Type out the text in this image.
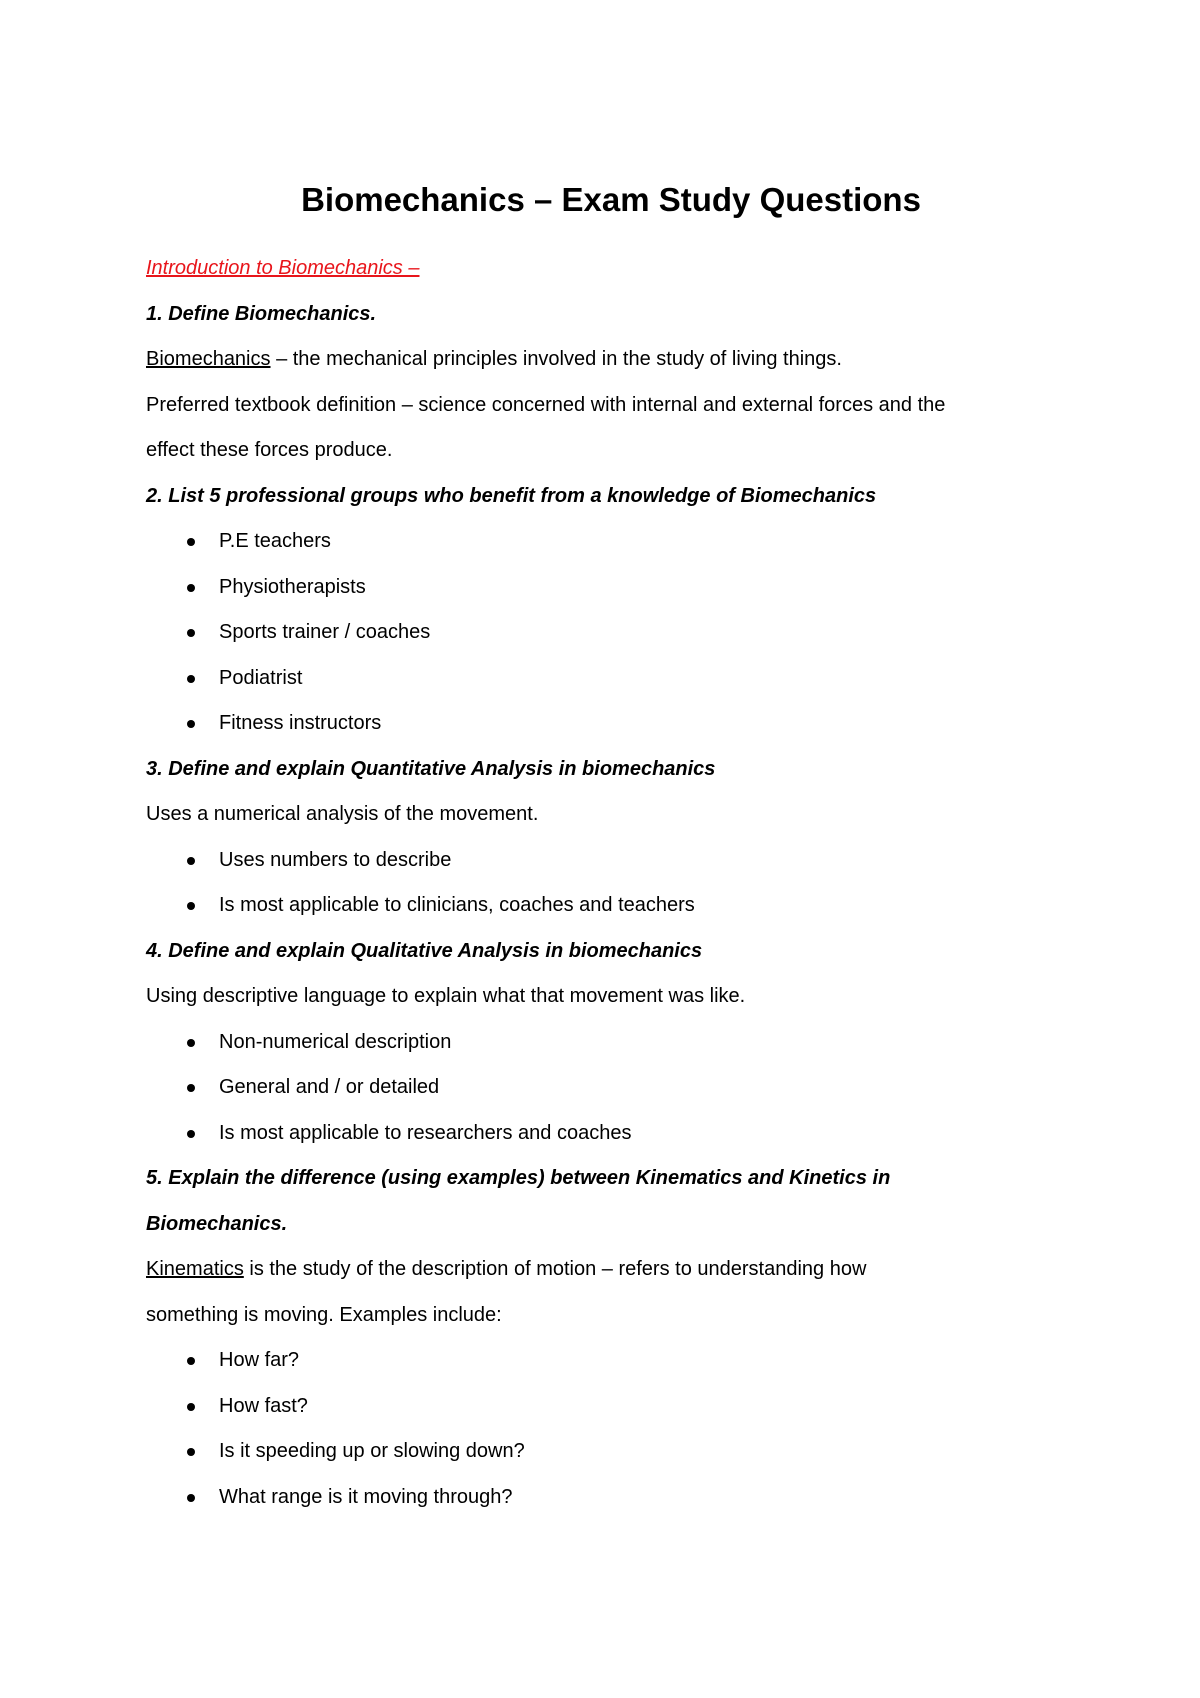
Biomechanics – Exam Study Questions

Introduction to Biomechanics –

1. Define Biomechanics.

Biomechanics – the mechanical principles involved in the study of living things.

Preferred textbook definition – science concerned with internal and external forces and the

effect these forces produce.

2. List 5 professional groups who benefit from a knowledge of Biomechanics

P.E teachers
Physiotherapists
Sports trainer / coaches
Podiatrist
Fitness instructors

3. Define and explain Quantitative Analysis in biomechanics

Uses a numerical analysis of the movement.

Uses numbers to describe
Is most applicable to clinicians, coaches and teachers

4. Define and explain Qualitative Analysis in biomechanics

Using descriptive language to explain what that movement was like.

Non-numerical description
General and / or detailed
Is most applicable to researchers and coaches

5. Explain the difference (using examples) between Kinematics and Kinetics in

Biomechanics.

Kinematics is the study of the description of motion – refers to understanding how

something is moving. Examples include:

How far?
How fast?
Is it speeding up or slowing down?
What range is it moving through?
